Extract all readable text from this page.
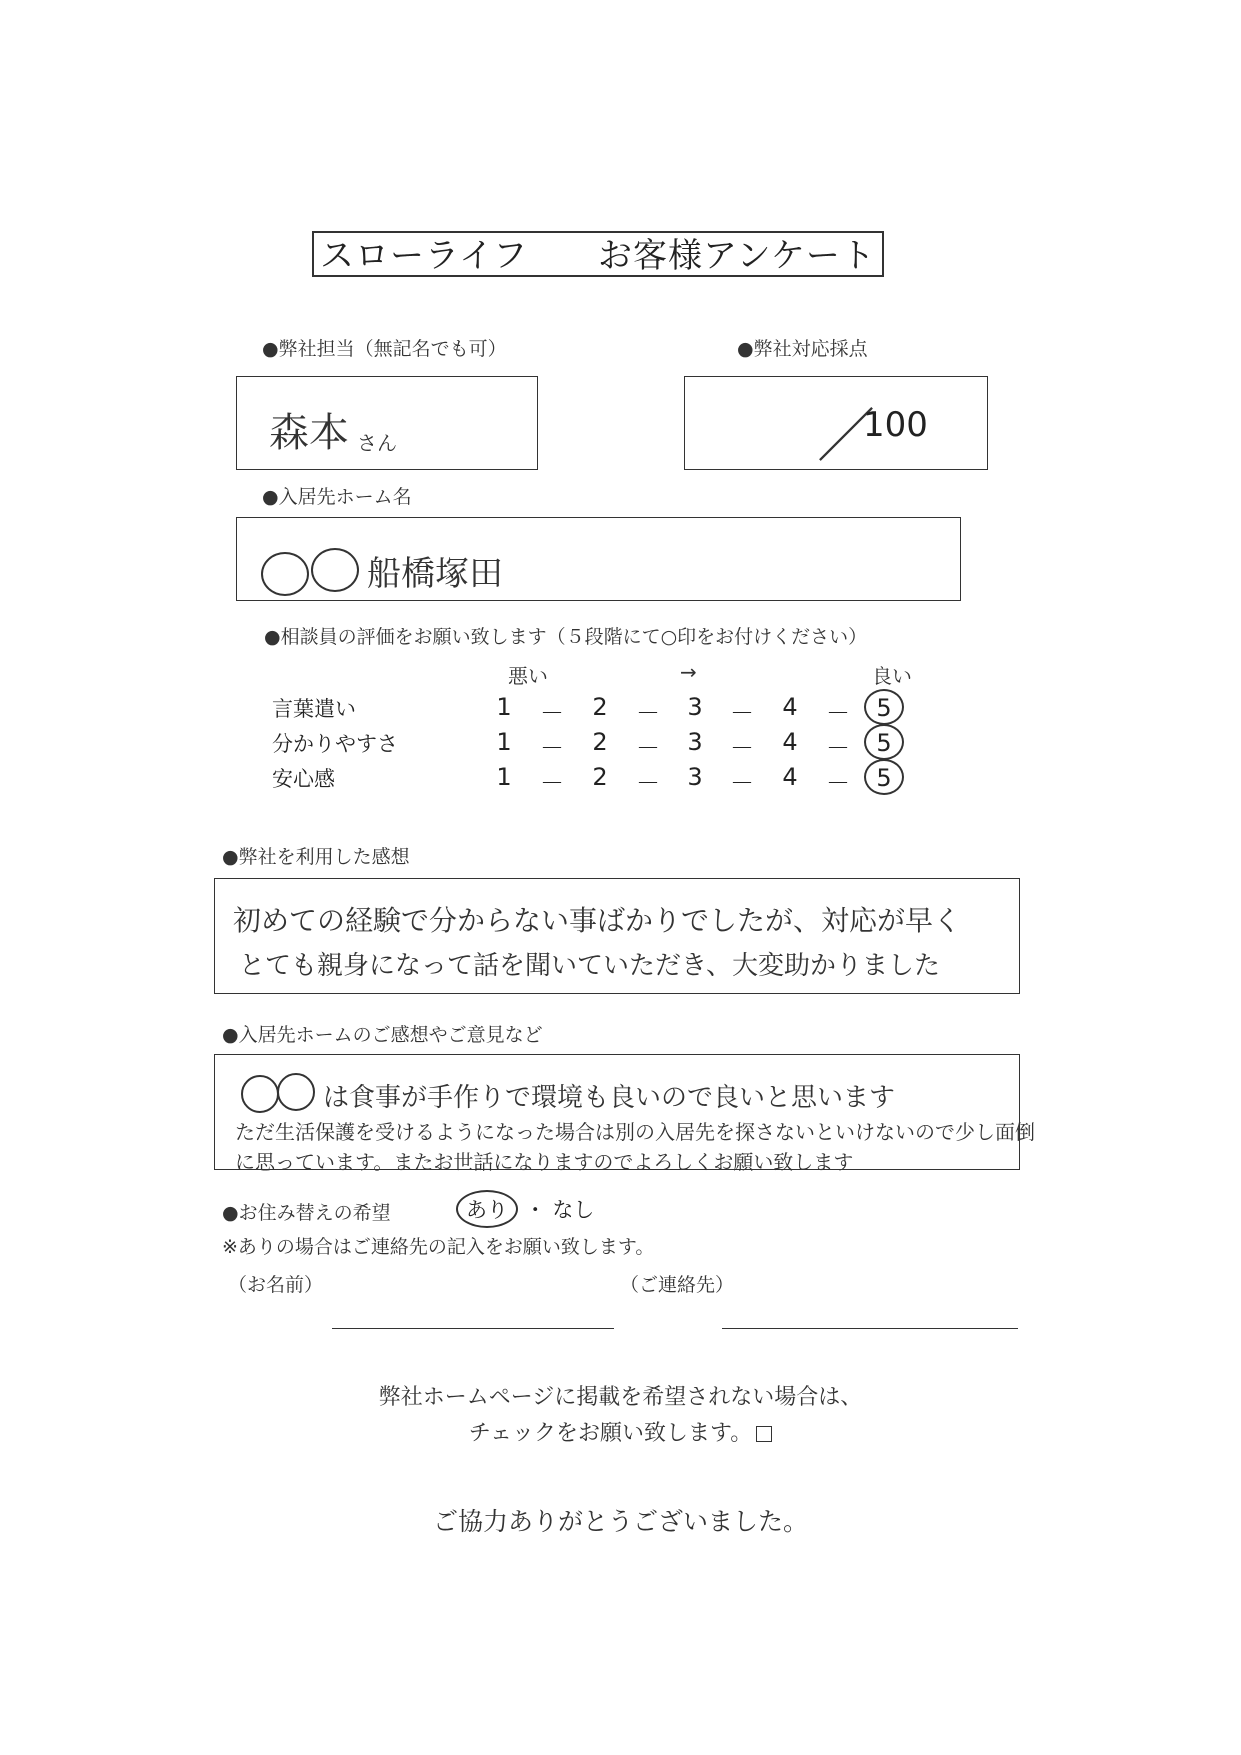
スローライフ　　お客様アンケート
●弊社担当（無記名でも可）
森本 さん
●弊社対応採点
／
100
●入居先ホーム名
船橋塚田
●相談員の評価をお願い致します（５段階にて○印をお付けください）
悪い	→	良い
言葉遣い	1	－	2	－	3	－	4	－	5
分かりやすさ	1	－	2	－	3	－	4	－	5
安心感	1	－	2	－	3	－	4	－	5
●弊社を利用した感想
初めての経験で分からない事ばかりでしたが、対応が早く
とても親身になって話を聞いていただき、大変助かりました
●入居先ホームのご感想やご意見など
は食事が手作りで環境も良いので良いと思います
ただ生活保護を受けるようになった場合は別の入居先を探さないといけないので少し面倒に思っています。またお世話になりますのでよろしくお願い致します
●お住み替えの希望	あり ・ なし
※ありの場合はご連絡先の記入をお願い致します。
（お名前）	（ご連絡先）
弊社ホームページに掲載を希望されない場合は、
チェックをお願い致します。
ご協力ありがとうございました。
